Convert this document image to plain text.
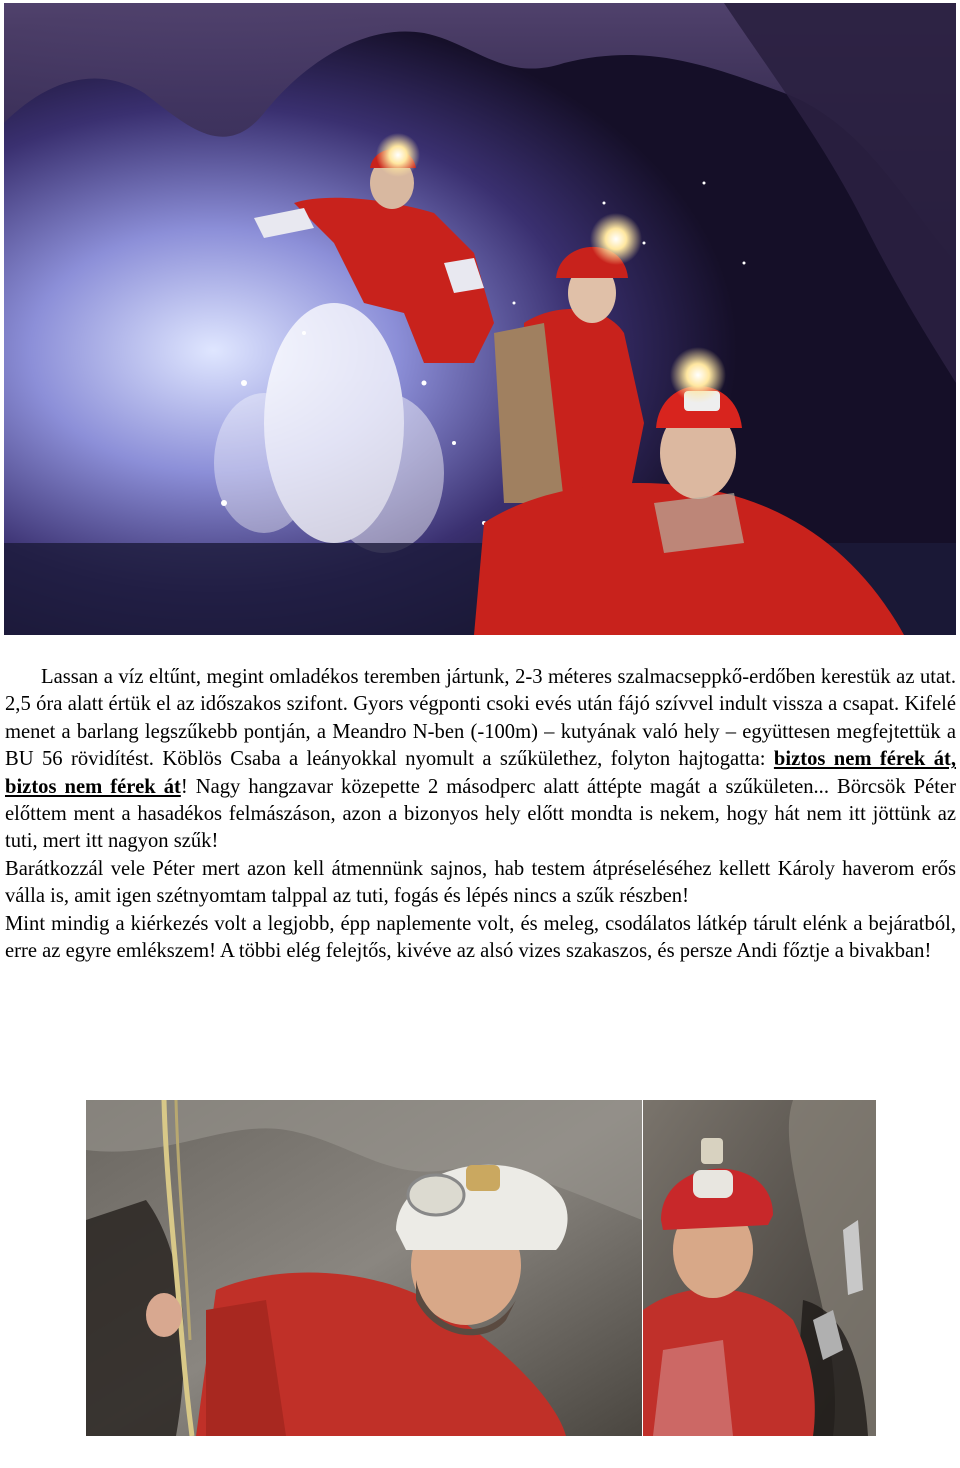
Lassan a víz eltűnt, megint omladékos teremben jártunk, 2-3 méteres szalmacseppkő-erdőben kerestük az utat. 2,5 óra alatt értük el az időszakos szifont. Gyors végponti csoki evés után fájó szívvel indult vissza a csapat. Kifelé menet a barlang legszűkebb pontján, a Meandro N-ben (-100m) – kutyának való hely – együttesen megfejtettük a BU 56 rövidítést. Köblös Csaba a leányokkal nyomult a szűkülethez, folyton hajtogatta: biztos nem férek át, biztos nem férek át! Nagy hangzavar közepette 2 másodperc alatt áttépte magát a szűkületen... Börcsök Péter előttem ment a hasadékos felmászáson, azon a bizonyos hely előtt mondta is nekem, hogy hát nem itt jöttünk az tuti, mert itt nagyon szűk!

Barátkozzál vele Péter mert azon kell átmennünk sajnos, hab testem átpréseléséhez kellett Károly haverom erős válla is, amit igen szétnyomtam talppal az tuti, fogás és lépés nincs a szűk részben!

Mint mindig a kiérkezés volt a legjobb, épp naplemente volt, és meleg, csodálatos látkép tárult elénk a bejáratból, erre az egyre emlékszem! A többi elég felejtős, kivéve az alsó vizes szakaszos, és persze Andi főztje a bivakban!
